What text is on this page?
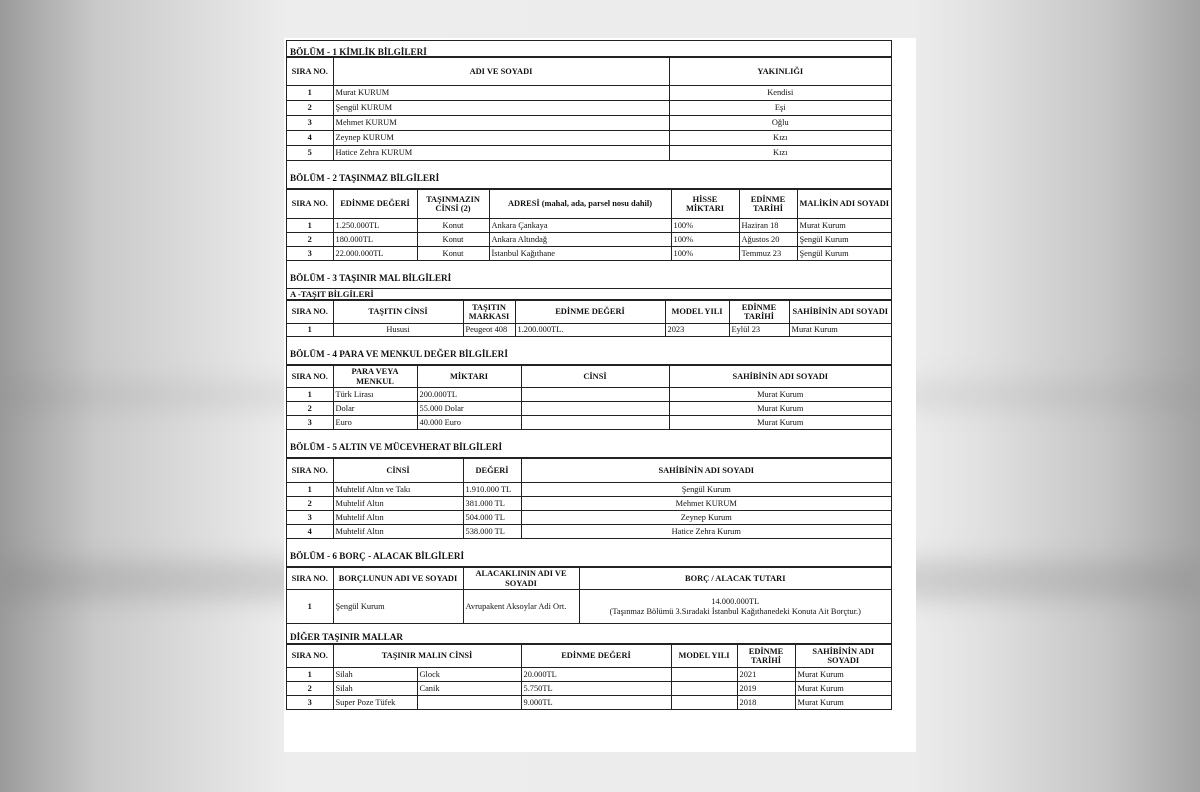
BÖLÜM - 1 KİMLİK BİLGİLERİ
SIRA NO.	ADI VE SOYADI	YAKINLIĞI
1	Murat KURUM	Kendisi
2	Şengül KURUM	Eşi
3	Mehmet KURUM	Oğlu
4	Zeynep KURUM	Kızı
5	Hatice Zehra KURUM	Kızı
BÖLÜM - 2 TAŞINMAZ BİLGİLERİ
SIRA NO.	EDİNME DEĞERİ	TAŞINMAZIN CİNSİ (2)	ADRESİ (mahal, ada, parsel nosu dahil)	HİSSE MİKTARI	EDİNME TARİHİ	MALİKİN ADI SOYADI
1	1.250.000TL	Konut	Ankara Çankaya	100%	Haziran 18	Murat Kurum
2	180.000TL	Konut	Ankara Altındağ	100%	Ağustos 20	Şengül Kurum
3	22.000.000TL	Konut	İstanbul Kağıthane	100%	Temmuz 23	Şengül Kurum
BÖLÜM - 3 TAŞINIR MAL BİLGİLERİ
A -TAŞIT BİLGİLERİ
SIRA NO.	TAŞITIN CİNSİ	TAŞITIN MARKASI	EDİNME DEĞERİ	MODEL YILI	EDİNME TARİHİ	SAHİBİNİN ADI SOYADI
1	Hususi	Peugeot 408	1.200.000TL.	2023	Eylül 23	Murat Kurum
BÖLÜM - 4 PARA VE MENKUL DEĞER BİLGİLERİ
SIRA NO.	PARA VEYA MENKUL	MİKTARI	CİNSİ	SAHİBİNİN ADI SOYADI
1	Türk Lirası	200.000TL		Murat Kurum
2	Dolar	55.000 Dolar		Murat Kurum
3	Euro	40.000 Euro		Murat Kurum
BÖLÜM - 5 ALTIN VE MÜCEVHERAT BİLGİLERİ
SIRA NO.	CİNSİ	DEĞERİ	SAHİBİNİN ADI SOYADI
1	Muhtelif Altın ve Takı	1.910.000 TL	Şengül Kurum
2	Muhtelif Altın	381.000 TL	Mehmet KURUM
3	Muhtelif Altın	504.000 TL	Zeynep Kurum
4	Muhtelif Altın	538.000 TL	Hatice Zehra Kurum
BÖLÜM - 6 BORÇ - ALACAK BİLGİLERİ
SIRA NO.	BORÇLUNUN ADI VE SOYADI	ALACAKLININ ADI VE SOYADI	BORÇ / ALACAK TUTARI
1	Şengül Kurum	Avrupakent Aksoylar Adi Ort.	14.000.000TL
(Taşınmaz Bölümü 3.Sıradaki İstanbul Kağıthanedeki Konuta Ait Borçtur.)
DİĞER TAŞINIR MALLAR
SIRA NO.	TAŞINIR MALIN CİNSİ		EDİNME DEĞERİ	MODEL YILI	EDİNME TARİHİ	SAHİBİNİN ADI SOYADI
1	Silah	Glock	20.000TL		2021	Murat Kurum
2	Silah	Canik	5.750TL		2019	Murat Kurum
3	Super Poze Tüfek		9.000TL		2018	Murat Kurum
